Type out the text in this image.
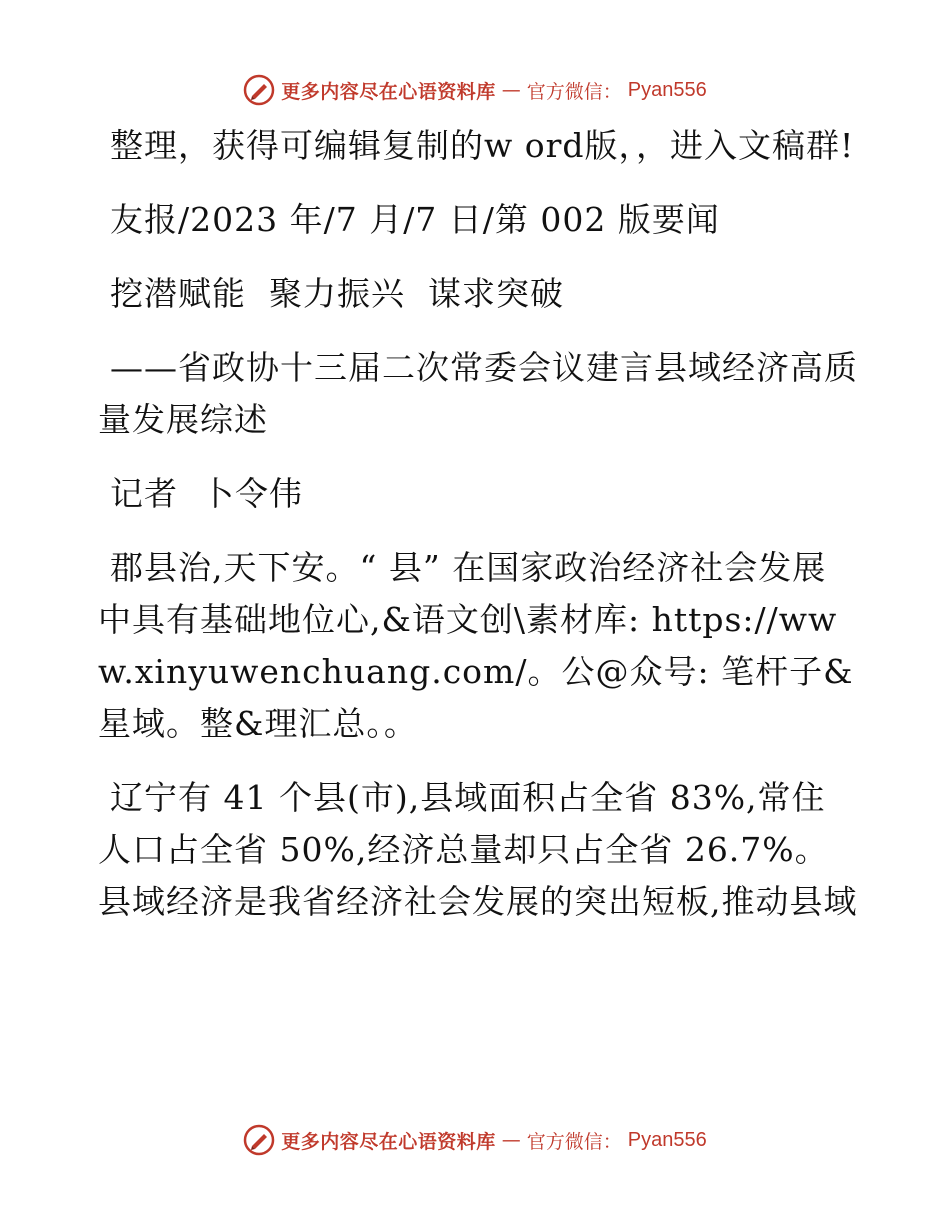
更多内容尽在心语资料库 — 官方微信： Pyan556

整理，获得可编辑复制的w ord版，，进入文稿群!

友报/2023 年/7 月/7 日/第 002 版要闻

挖潜赋能  聚力振兴  谋求突破

——省政协十三届二次常委会议建言县域经济高质量发展综述

记者  卜令伟

郡县治,天下安。“ 县” 在国家政治经济社会发展中具有基础地位心,&语文创\素材库: https://www.xinyuwenchuang.com/。公@众号: 笔杆子&星域。整&理汇总。。

辽宁有 41 个县(市),县域面积占全省 83%,常住人口占全省 50%,经济总量却只占全省 26.7%。县域经济是我省经济社会发展的突出短板,推动县域

更多内容尽在心语资料库 — 官方微信： Pyan556
